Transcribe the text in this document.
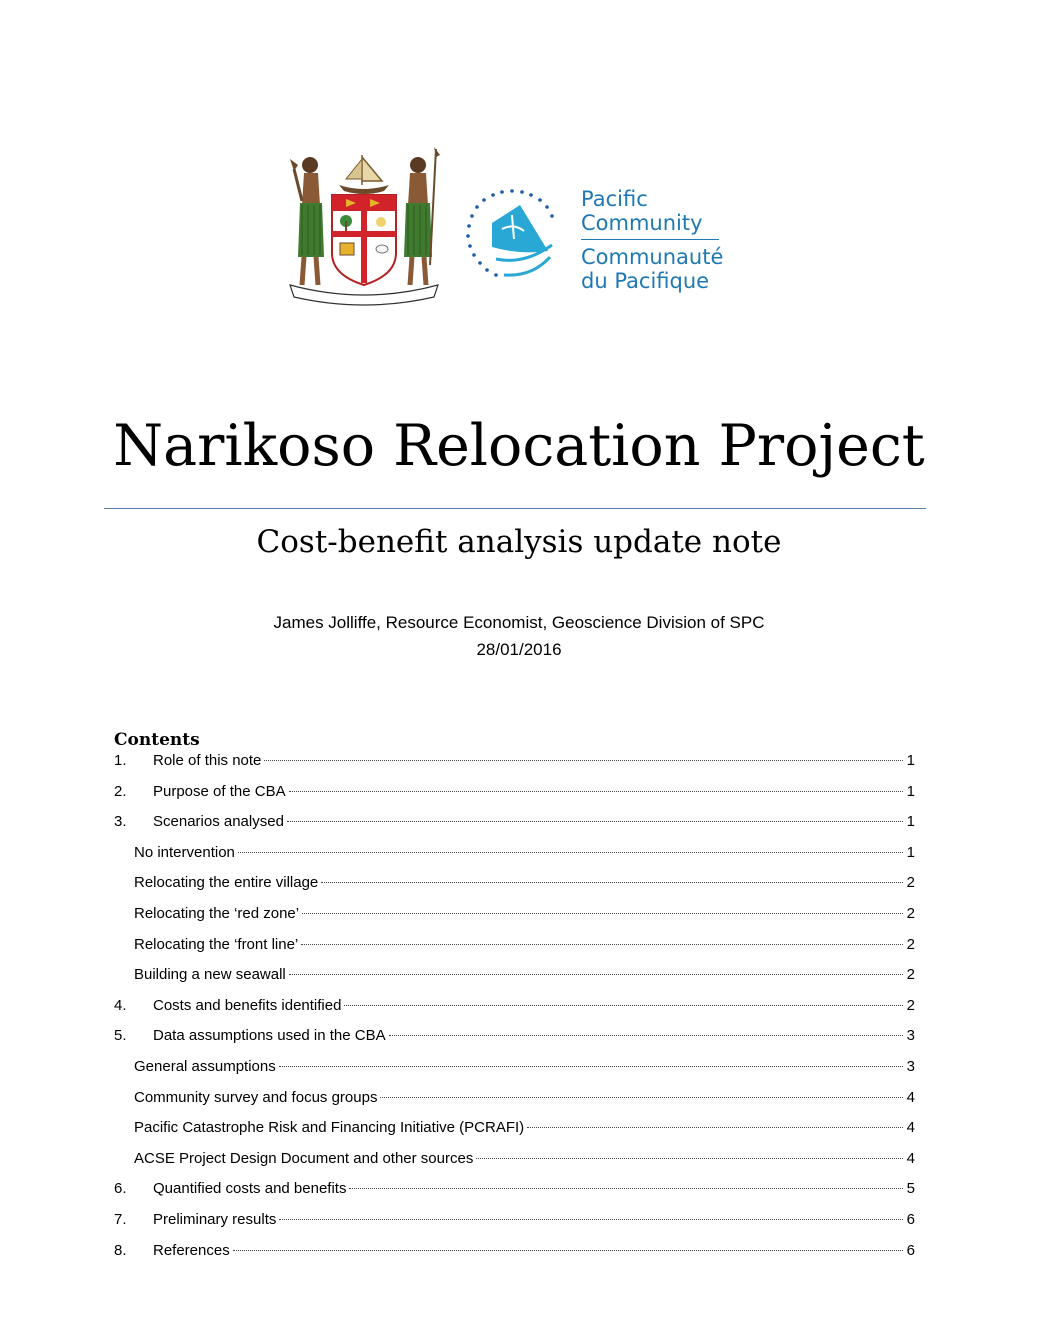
Pacific
Community
Communauté
du Pacifique
Narikoso Relocation Project
Cost-benefit analysis update note
James Jolliffe, Resource Economist, Geoscience Division of SPC
28/01/2016
Contents
1.	Role of this note	1
2.	Purpose of the CBA	1
3.	Scenarios analysed	1
No intervention	1
Relocating the entire village	2
Relocating the ‘red zone’	2
Relocating the ‘front line’	2
Building a new seawall	2
4.	Costs and benefits identified	2
5.	Data assumptions used in the CBA	3
General assumptions	3
Community survey and focus groups	4
Pacific Catastrophe Risk and Financing Initiative (PCRAFI)	4
ACSE Project Design Document and other sources	4
6.	Quantified costs and benefits	5
7.	Preliminary results	6
8.	References	6
